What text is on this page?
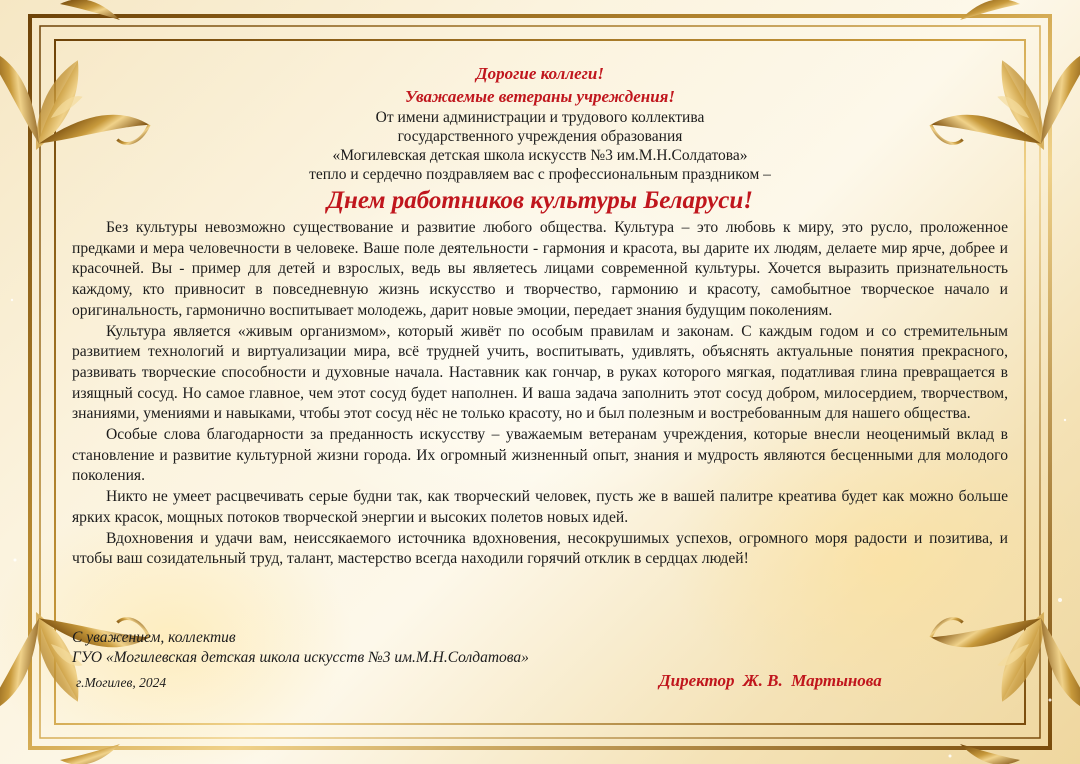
Дорогие коллеги!
Уважаемые ветераны учреждения!
От имени администрации и трудового коллектива
государственного учреждения образования
«Могилевская детская школа искусств №3 им.М.Н.Солдатова»
тепло и сердечно поздравляем вас с профессиональным праздником –
Днем работников культуры Беларуси!

Без культуры невозможно существование и развитие любого общества. Культура – это любовь к миру, это русло, проложенное предками и мера человечности в человеке. Ваше поле деятельности - гармония и красота, вы дарите их людям, делаете мир ярче, добрее и красочней. Вы - пример для детей и взрослых, ведь вы являетесь лицами современной культуры. Хочется выразить признательность каждому, кто привносит в повседневную жизнь искусство и творчество, гармонию и красоту, самобытное творческое начало и оригинальность, гармонично воспитывает молодежь, дарит новые эмоции, передает знания будущим поколениям.

Культура является «живым организмом», который живёт по особым правилам и законам. С каждым годом и со стремительным развитием технологий и виртуализации мира, всё трудней учить, воспитывать, удивлять, объяснять актуальные понятия прекрасного, развивать творческие способности и духовные начала. Наставник как гончар, в руках которого мягкая, податливая глина превращается в изящный сосуд. Но самое главное, чем этот сосуд будет наполнен. И ваша задача заполнить этот сосуд добром, милосердием, творчеством, знаниями, умениями и навыками, чтобы этот сосуд нёс не только красоту, но и был полезным и востребованным для нашего общества.

Особые слова благодарности за преданность искусству – уважаемым ветеранам учреждения, которые внесли неоценимый вклад в становление и развитие культурной жизни города. Их огромный жизненный опыт, знания и мудрость являются бесценными для молодого поколения.

Никто не умеет расцвечивать серые будни так, как творческий человек, пусть же в вашей палитре креатива будет как можно больше ярких красок, мощных потоков творческой энергии и высоких полетов новых идей.

Вдохновения и удачи вам, неиссякаемого источника вдохновения, несокрушимых успехов, огромного моря радости и позитива, и чтобы ваш созидательный труд, талант, мастерство всегда находили горячий отклик в сердцах людей!

С уважением, коллектив
ГУО «Могилевская детская школа искусств №3 им.М.Н.Солдатова»
г.Могилев, 2024	Директор  Ж. В.  Мартынова
